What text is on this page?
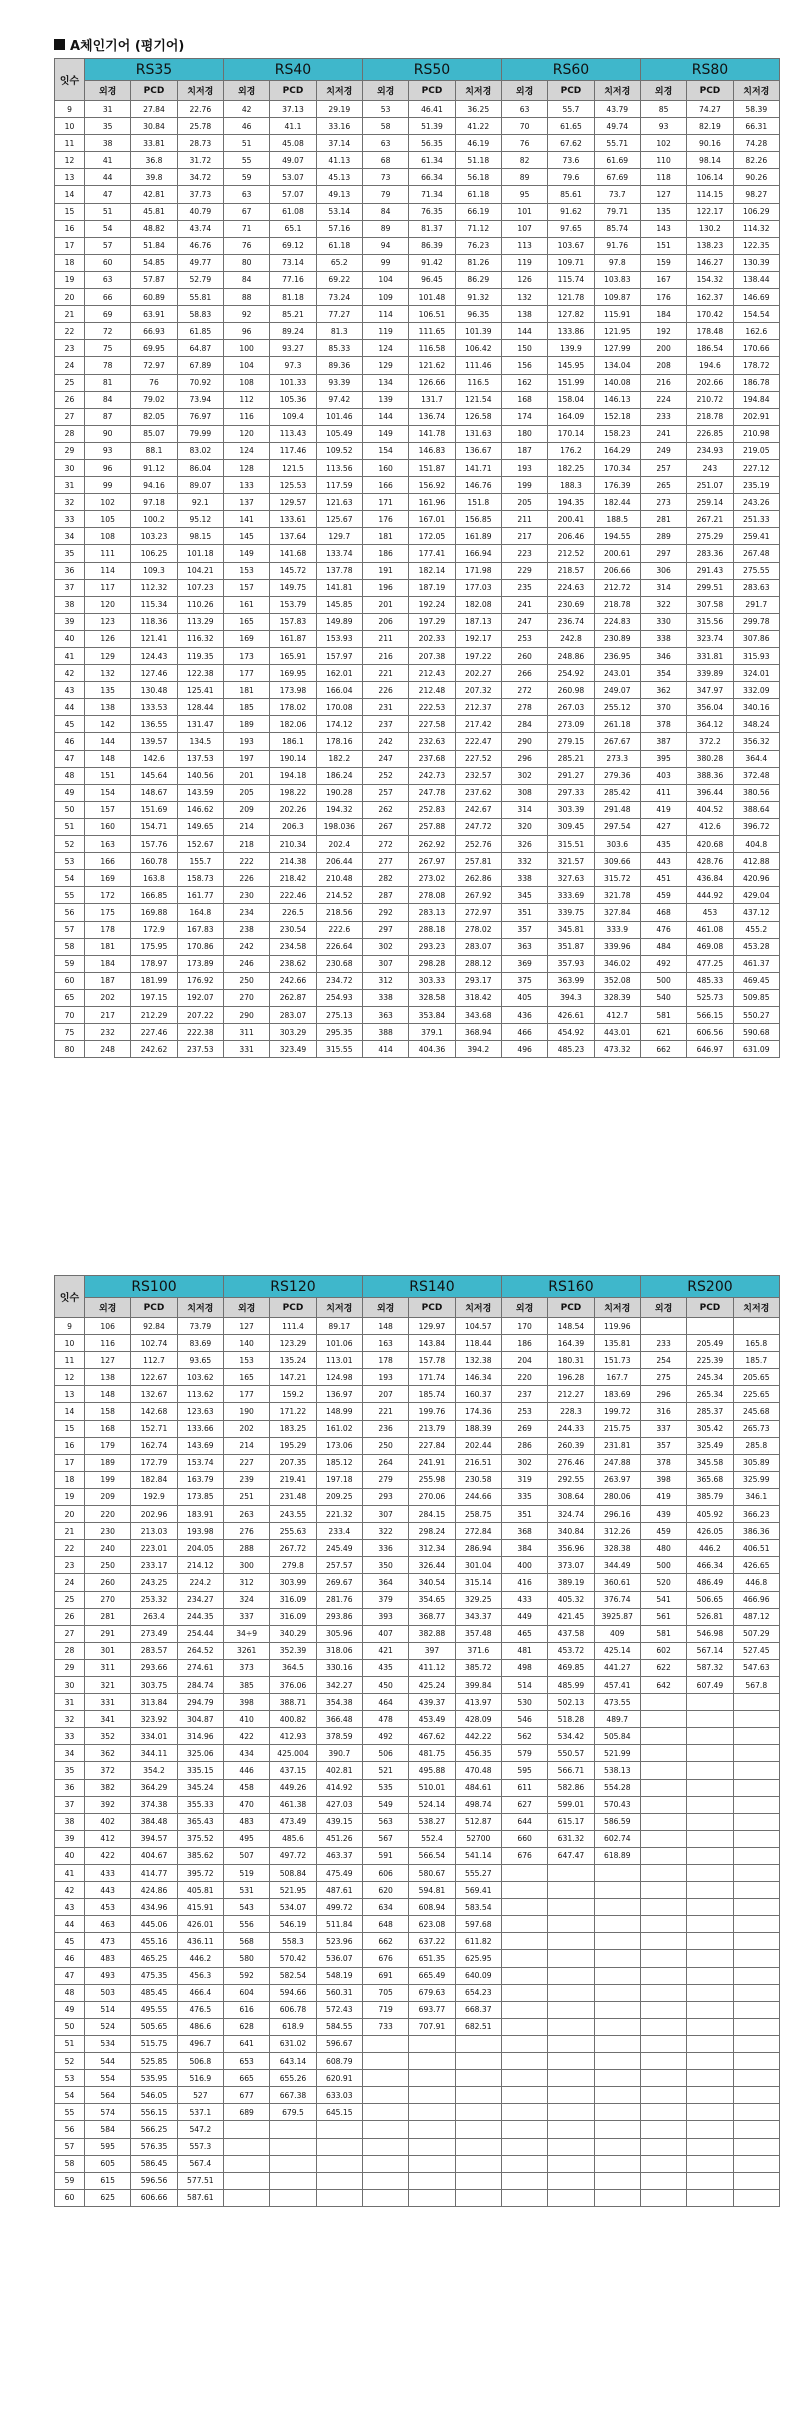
A체인기어 (평기어)
잇수	RS35			RS40			RS50			RS60			RS80		
	외경	PCD	치저경	외경	PCD	치저경	외경	PCD	치저경	외경	PCD	치저경	외경	PCD	치저경
9	31	27.84	22.76	42	37.13	29.19	53	46.41	36.25	63	55.7	43.79	85	74.27	58.39
10	35	30.84	25.78	46	41.1	33.16	58	51.39	41.22	70	61.65	49.74	93	82.19	66.31
11	38	33.81	28.73	51	45.08	37.14	63	56.35	46.19	76	67.62	55.71	102	90.16	74.28
12	41	36.8	31.72	55	49.07	41.13	68	61.34	51.18	82	73.6	61.69	110	98.14	82.26
13	44	39.8	34.72	59	53.07	45.13	73	66.34	56.18	89	79.6	67.69	118	106.14	90.26
14	47	42.81	37.73	63	57.07	49.13	79	71.34	61.18	95	85.61	73.7	127	114.15	98.27
15	51	45.81	40.79	67	61.08	53.14	84	76.35	66.19	101	91.62	79.71	135	122.17	106.29
16	54	48.82	43.74	71	65.1	57.16	89	81.37	71.12	107	97.65	85.74	143	130.2	114.32
17	57	51.84	46.76	76	69.12	61.18	94	86.39	76.23	113	103.67	91.76	151	138.23	122.35
18	60	54.85	49.77	80	73.14	65.2	99	91.42	81.26	119	109.71	97.8	159	146.27	130.39
19	63	57.87	52.79	84	77.16	69.22	104	96.45	86.29	126	115.74	103.83	167	154.32	138.44
20	66	60.89	55.81	88	81.18	73.24	109	101.48	91.32	132	121.78	109.87	176	162.37	146.69
21	69	63.91	58.83	92	85.21	77.27	114	106.51	96.35	138	127.82	115.91	184	170.42	154.54
22	72	66.93	61.85	96	89.24	81.3	119	111.65	101.39	144	133.86	121.95	192	178.48	162.6
23	75	69.95	64.87	100	93.27	85.33	124	116.58	106.42	150	139.9	127.99	200	186.54	170.66
24	78	72.97	67.89	104	97.3	89.36	129	121.62	111.46	156	145.95	134.04	208	194.6	178.72
25	81	76	70.92	108	101.33	93.39	134	126.66	116.5	162	151.99	140.08	216	202.66	186.78
26	84	79.02	73.94	112	105.36	97.42	139	131.7	121.54	168	158.04	146.13	224	210.72	194.84
27	87	82.05	76.97	116	109.4	101.46	144	136.74	126.58	174	164.09	152.18	233	218.78	202.91
28	90	85.07	79.99	120	113.43	105.49	149	141.78	131.63	180	170.14	158.23	241	226.85	210.98
29	93	88.1	83.02	124	117.46	109.52	154	146.83	136.67	187	176.2	164.29	249	234.93	219.05
30	96	91.12	86.04	128	121.5	113.56	160	151.87	141.71	193	182.25	170.34	257	243	227.12
31	99	94.16	89.07	133	125.53	117.59	166	156.92	146.76	199	188.3	176.39	265	251.07	235.19
32	102	97.18	92.1	137	129.57	121.63	171	161.96	151.8	205	194.35	182.44	273	259.14	243.26
33	105	100.2	95.12	141	133.61	125.67	176	167.01	156.85	211	200.41	188.5	281	267.21	251.33
34	108	103.23	98.15	145	137.64	129.7	181	172.05	161.89	217	206.46	194.55	289	275.29	259.41
35	111	106.25	101.18	149	141.68	133.74	186	177.41	166.94	223	212.52	200.61	297	283.36	267.48
36	114	109.3	104.21	153	145.72	137.78	191	182.14	171.98	229	218.57	206.66	306	291.43	275.55
37	117	112.32	107.23	157	149.75	141.81	196	187.19	177.03	235	224.63	212.72	314	299.51	283.63
38	120	115.34	110.26	161	153.79	145.85	201	192.24	182.08	241	230.69	218.78	322	307.58	291.7
39	123	118.36	113.29	165	157.83	149.89	206	197.29	187.13	247	236.74	224.83	330	315.56	299.78
40	126	121.41	116.32	169	161.87	153.93	211	202.33	192.17	253	242.8	230.89	338	323.74	307.86
41	129	124.43	119.35	173	165.91	157.97	216	207.38	197.22	260	248.86	236.95	346	331.81	315.93
42	132	127.46	122.38	177	169.95	162.01	221	212.43	202.27	266	254.92	243.01	354	339.89	324.01
43	135	130.48	125.41	181	173.98	166.04	226	212.48	207.32	272	260.98	249.07	362	347.97	332.09
44	138	133.53	128.44	185	178.02	170.08	231	222.53	212.37	278	267.03	255.12	370	356.04	340.16
45	142	136.55	131.47	189	182.06	174.12	237	227.58	217.42	284	273.09	261.18	378	364.12	348.24
46	144	139.57	134.5	193	186.1	178.16	242	232.63	222.47	290	279.15	267.67	387	372.2	356.32
47	148	142.6	137.53	197	190.14	182.2	247	237.68	227.52	296	285.21	273.3	395	380.28	364.4
48	151	145.64	140.56	201	194.18	186.24	252	242.73	232.57	302	291.27	279.36	403	388.36	372.48
49	154	148.67	143.59	205	198.22	190.28	257	247.78	237.62	308	297.33	285.42	411	396.44	380.56
50	157	151.69	146.62	209	202.26	194.32	262	252.83	242.67	314	303.39	291.48	419	404.52	388.64
51	160	154.71	149.65	214	206.3	198.036	267	257.88	247.72	320	309.45	297.54	427	412.6	396.72
52	163	157.76	152.67	218	210.34	202.4	272	262.92	252.76	326	315.51	303.6	435	420.68	404.8
53	166	160.78	155.7	222	214.38	206.44	277	267.97	257.81	332	321.57	309.66	443	428.76	412.88
54	169	163.8	158.73	226	218.42	210.48	282	273.02	262.86	338	327.63	315.72	451	436.84	420.96
55	172	166.85	161.77	230	222.46	214.52	287	278.08	267.92	345	333.69	321.78	459	444.92	429.04
56	175	169.88	164.8	234	226.5	218.56	292	283.13	272.97	351	339.75	327.84	468	453	437.12
57	178	172.9	167.83	238	230.54	222.6	297	288.18	278.02	357	345.81	333.9	476	461.08	455.2
58	181	175.95	170.86	242	234.58	226.64	302	293.23	283.07	363	351.87	339.96	484	469.08	453.28
59	184	178.97	173.89	246	238.62	230.68	307	298.28	288.12	369	357.93	346.02	492	477.25	461.37
60	187	181.99	176.92	250	242.66	234.72	312	303.33	293.17	375	363.99	352.08	500	485.33	469.45
65	202	197.15	192.07	270	262.87	254.93	338	328.58	318.42	405	394.3	328.39	540	525.73	509.85
70	217	212.29	207.22	290	283.07	275.13	363	353.84	343.68	436	426.61	412.7	581	566.15	550.27
75	232	227.46	222.38	311	303.29	295.35	388	379.1	368.94	466	454.92	443.01	621	606.56	590.68
80	248	242.62	237.53	331	323.49	315.55	414	404.36	394.2	496	485.23	473.32	662	646.97	631.09
잇수	RS100			RS120			RS140			RS160			RS200		
	외경	PCD	치저경	외경	PCD	치저경	외경	PCD	치저경	외경	PCD	치저경	외경	PCD	치저경
9	106	92.84	73.79	127	111.4	89.17	148	129.97	104.57	170	148.54	119.96			
10	116	102.74	83.69	140	123.29	101.06	163	143.84	118.44	186	164.39	135.81	233	205.49	165.8
11	127	112.7	93.65	153	135.24	113.01	178	157.78	132.38	204	180.31	151.73	254	225.39	185.7
12	138	122.67	103.62	165	147.21	124.98	193	171.74	146.34	220	196.28	167.7	275	245.34	205.65
13	148	132.67	113.62	177	159.2	136.97	207	185.74	160.37	237	212.27	183.69	296	265.34	225.65
14	158	142.68	123.63	190	171.22	148.99	221	199.76	174.36	253	228.3	199.72	316	285.37	245.68
15	168	152.71	133.66	202	183.25	161.02	236	213.79	188.39	269	244.33	215.75	337	305.42	265.73
16	179	162.74	143.69	214	195.29	173.06	250	227.84	202.44	286	260.39	231.81	357	325.49	285.8
17	189	172.79	153.74	227	207.35	185.12	264	241.91	216.51	302	276.46	247.88	378	345.58	305.89
18	199	182.84	163.79	239	219.41	197.18	279	255.98	230.58	319	292.55	263.97	398	365.68	325.99
19	209	192.9	173.85	251	231.48	209.25	293	270.06	244.66	335	308.64	280.06	419	385.79	346.1
20	220	202.96	183.91	263	243.55	221.32	307	284.15	258.75	351	324.74	296.16	439	405.92	366.23
21	230	213.03	193.98	276	255.63	233.4	322	298.24	272.84	368	340.84	312.26	459	426.05	386.36
22	240	223.01	204.05	288	267.72	245.49	336	312.34	286.94	384	356.96	328.38	480	446.2	406.51
23	250	233.17	214.12	300	279.8	257.57	350	326.44	301.04	400	373.07	344.49	500	466.34	426.65
24	260	243.25	224.2	312	303.99	269.67	364	340.54	315.14	416	389.19	360.61	520	486.49	446.8
25	270	253.32	234.27	324	316.09	281.76	379	354.65	329.25	433	405.32	376.74	541	506.65	466.96
26	281	263.4	244.35	337	316.09	293.86	393	368.77	343.37	449	421.45	3925.87	561	526.81	487.12
27	291	273.49	254.44	34÷9	340.29	305.96	407	382.88	357.48	465	437.58	409	581	546.98	507.29
28	301	283.57	264.52	3261	352.39	318.06	421	397	371.6	481	453.72	425.14	602	567.14	527.45
29	311	293.66	274.61	373	364.5	330.16	435	411.12	385.72	498	469.85	441.27	622	587.32	547.63
30	321	303.75	284.74	385	376.06	342.27	450	425.24	399.84	514	485.99	457.41	642	607.49	567.8
31	331	313.84	294.79	398	388.71	354.38	464	439.37	413.97	530	502.13	473.55			
32	341	323.92	304.87	410	400.82	366.48	478	453.49	428.09	546	518.28	489.7			
33	352	334.01	314.96	422	412.93	378.59	492	467.62	442.22	562	534.42	505.84			
34	362	344.11	325.06	434	425.004	390.7	506	481.75	456.35	579	550.57	521.99			
35	372	354.2	335.15	446	437.15	402.81	521	495.88	470.48	595	566.71	538.13			
36	382	364.29	345.24	458	449.26	414.92	535	510.01	484.61	611	582.86	554.28			
37	392	374.38	355.33	470	461.38	427.03	549	524.14	498.74	627	599.01	570.43			
38	402	384.48	365.43	483	473.49	439.15	563	538.27	512.87	644	615.17	586.59			
39	412	394.57	375.52	495	485.6	451.26	567	552.4	52700	660	631.32	602.74			
40	422	404.67	385.62	507	497.72	463.37	591	566.54	541.14	676	647.47	618.89			
41	433	414.77	395.72	519	508.84	475.49	606	580.67	555.27						
42	443	424.86	405.81	531	521.95	487.61	620	594.81	569.41						
43	453	434.96	415.91	543	534.07	499.72	634	608.94	583.54						
44	463	445.06	426.01	556	546.19	511.84	648	623.08	597.68						
45	473	455.16	436.11	568	558.3	523.96	662	637.22	611.82						
46	483	465.25	446.2	580	570.42	536.07	676	651.35	625.95						
47	493	475.35	456.3	592	582.54	548.19	691	665.49	640.09						
48	503	485.45	466.4	604	594.66	560.31	705	679.63	654.23						
49	514	495.55	476.5	616	606.78	572.43	719	693.77	668.37						
50	524	505.65	486.6	628	618.9	584.55	733	707.91	682.51						
51	534	515.75	496.7	641	631.02	596.67									
52	544	525.85	506.8	653	643.14	608.79									
53	554	535.95	516.9	665	655.26	620.91									
54	564	546.05	527	677	667.38	633.03									
55	574	556.15	537.1	689	679.5	645.15									
56	584	566.25	547.2												
57	595	576.35	557.3												
58	605	586.45	567.4												
59	615	596.56	577.51												
60	625	606.66	587.61												
